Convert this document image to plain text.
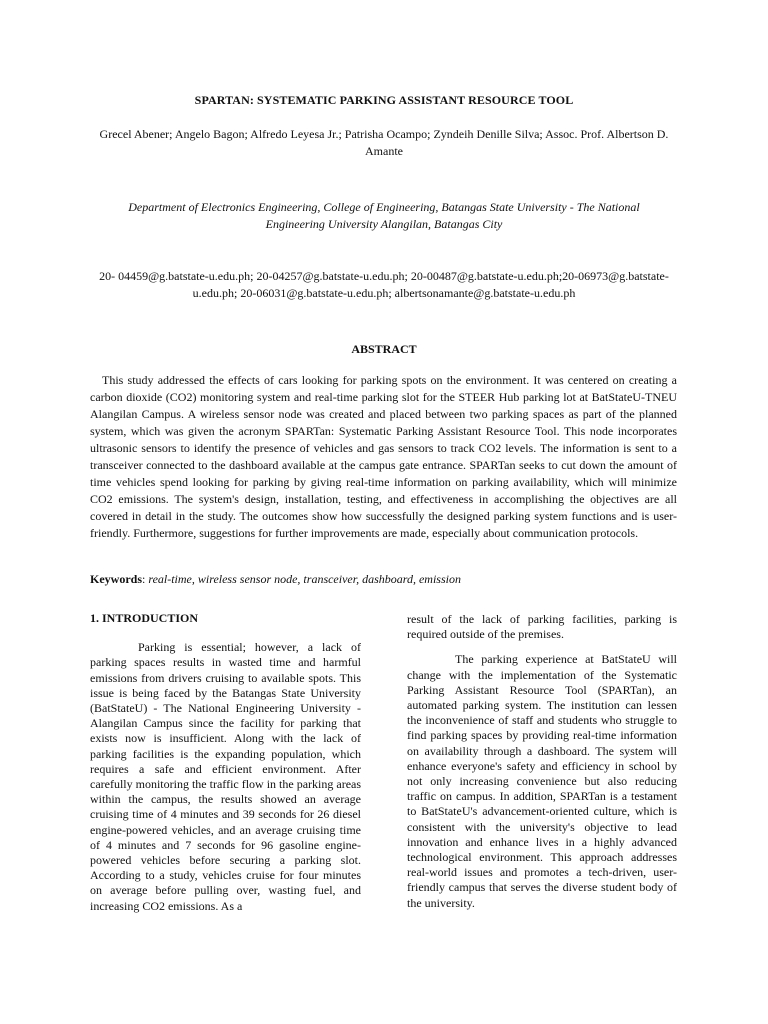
SPARTAN: SYSTEMATIC PARKING ASSISTANT RESOURCE TOOL
Grecel Abener; Angelo Bagon; Alfredo Leyesa Jr.; Patrisha Ocampo; Zyndeih Denille Silva; Assoc. Prof. Albertson D. Amante
Department of Electronics Engineering, College of Engineering, Batangas State University - The National Engineering University Alangilan, Batangas City
20- 04459@g.batstate-u.edu.ph; 20-04257@g.batstate-u.edu.ph; 20-00487@g.batstate-u.edu.ph;20-06973@g.batstate-u.edu.ph; 20-06031@g.batstate-u.edu.ph; albertsonamante@g.batstate-u.edu.ph
ABSTRACT

This study addressed the effects of cars looking for parking spots on the environment. It was centered on creating a carbon dioxide (CO2) monitoring system and real-time parking slot for the STEER Hub parking lot at BatStateU-TNEU Alangilan Campus. A wireless sensor node was created and placed between two parking spaces as part of the planned system, which was given the acronym SPARTan: Systematic Parking Assistant Resource Tool. This node incorporates ultrasonic sensors to identify the presence of vehicles and gas sensors to track CO2 levels. The information is sent to a transceiver connected to the dashboard available at the campus gate entrance. SPARTan seeks to cut down the amount of time vehicles spend looking for parking by giving real-time information on parking availability, which will minimize CO2 emissions. The system's design, installation, testing, and effectiveness in accomplishing the objectives are all covered in detail in the study. The outcomes show how successfully the designed parking system functions and is user-friendly. Furthermore, suggestions for further improvements are made, especially about communication protocols.

Keywords: real-time, wireless sensor node, transceiver, dashboard, emission
1. INTRODUCTION

Parking is essential; however, a lack of parking spaces results in wasted time and harmful emissions from drivers cruising to available spots. This issue is being faced by the Batangas State University (BatStateU) - The National Engineering University - Alangilan Campus since the facility for parking that exists now is insufficient. Along with the lack of parking facilities is the expanding population, which requires a safe and efficient environment. After carefully monitoring the traffic flow in the parking areas within the campus, the results showed an average cruising time of 4 minutes and 39 seconds for 26 diesel engine-powered vehicles, and an average cruising time of 4 minutes and 7 seconds for 96 gasoline engine-powered vehicles before securing a parking slot. According to a study, vehicles cruise for four minutes on average before pulling over, wasting fuel, and increasing CO2 emissions. As a

result of the lack of parking facilities, parking is required outside of the premises.

The parking experience at BatStateU will change with the implementation of the Systematic Parking Assistant Resource Tool (SPARTan), an automated parking system. The institution can lessen the inconvenience of staff and students who struggle to find parking spaces by providing real-time information on availability through a dashboard. The system will enhance everyone's safety and efficiency in school by not only increasing convenience but also reducing traffic on campus. In addition, SPARTan is a testament to BatStateU's advancement-oriented culture, which is consistent with the university's objective to lead innovation and enhance lives in a highly advanced technological environment. This approach addresses real-world issues and promotes a tech-driven, user-friendly campus that serves the diverse student body of the university.
